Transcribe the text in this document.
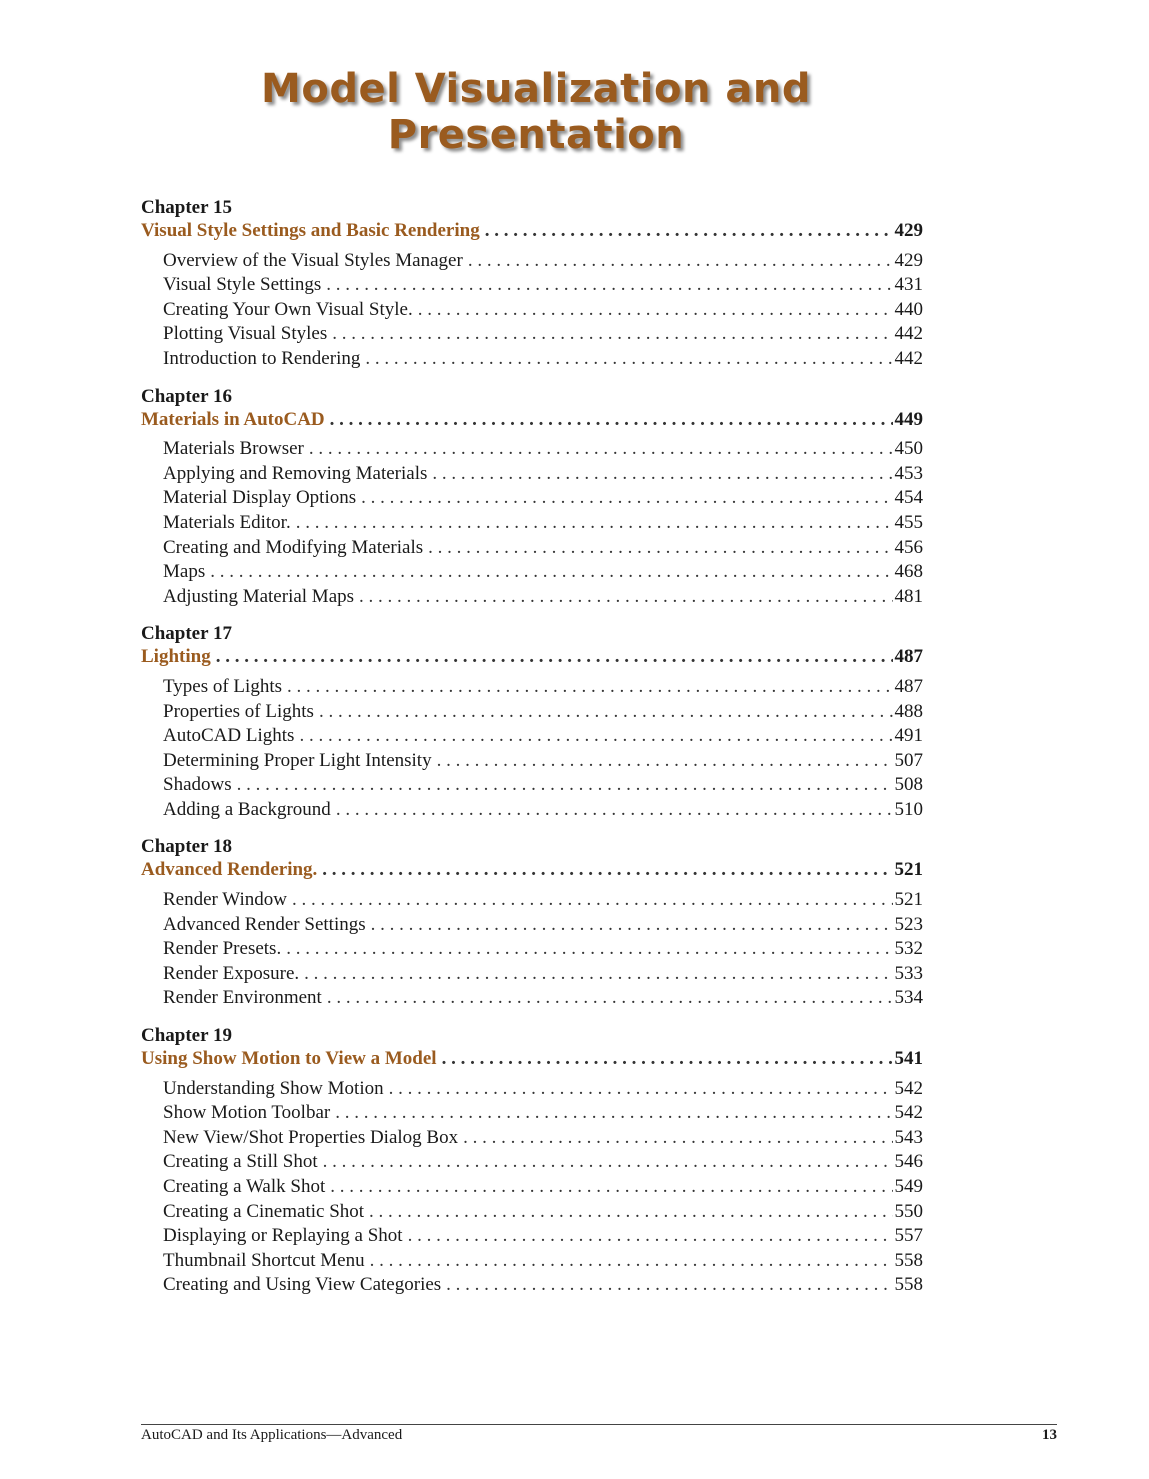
Model Visualization and
Presentation
Chapter 15
Visual Style Settings and Basic Rendering . . .	429
Overview of the Visual Styles Manager . . .	429
Visual Style Settings . . .	431
Creating Your Own Visual Style. . . .	440
Plotting Visual Styles . . .	442
Introduction to Rendering . . .	442
Chapter 16
Materials in AutoCAD . . .	449
Materials Browser . . .	450
Applying and Removing Materials . . .	453
Material Display Options . . .	454
Materials Editor. . . .	455
Creating and Modifying Materials . . .	456
Maps . . .	468
Adjusting Material Maps . . .	481
Chapter 17
Lighting . . .	487
Types of Lights . . .	487
Properties of Lights . . .	488
AutoCAD Lights . . .	491
Determining Proper Light Intensity . . .	507
Shadows . . .	508
Adding a Background . . .	510
Chapter 18
Advanced Rendering. . . .	521
Render Window . . .	521
Advanced Render Settings . . .	523
Render Presets. . . .	532
Render Exposure. . . .	533
Render Environment . . .	534
Chapter 19
Using Show Motion to View a Model . . .	541
Understanding Show Motion . . .	542
Show Motion Toolbar . . .	542
New View/Shot Properties Dialog Box . . .	543
Creating a Still Shot . . .	546
Creating a Walk Shot . . .	549
Creating a Cinematic Shot . . .	550
Displaying or Replaying a Shot . . .	557
Thumbnail Shortcut Menu . . .	558
Creating and Using View Categories . . .	558
AutoCAD and Its Applications—Advanced	13
